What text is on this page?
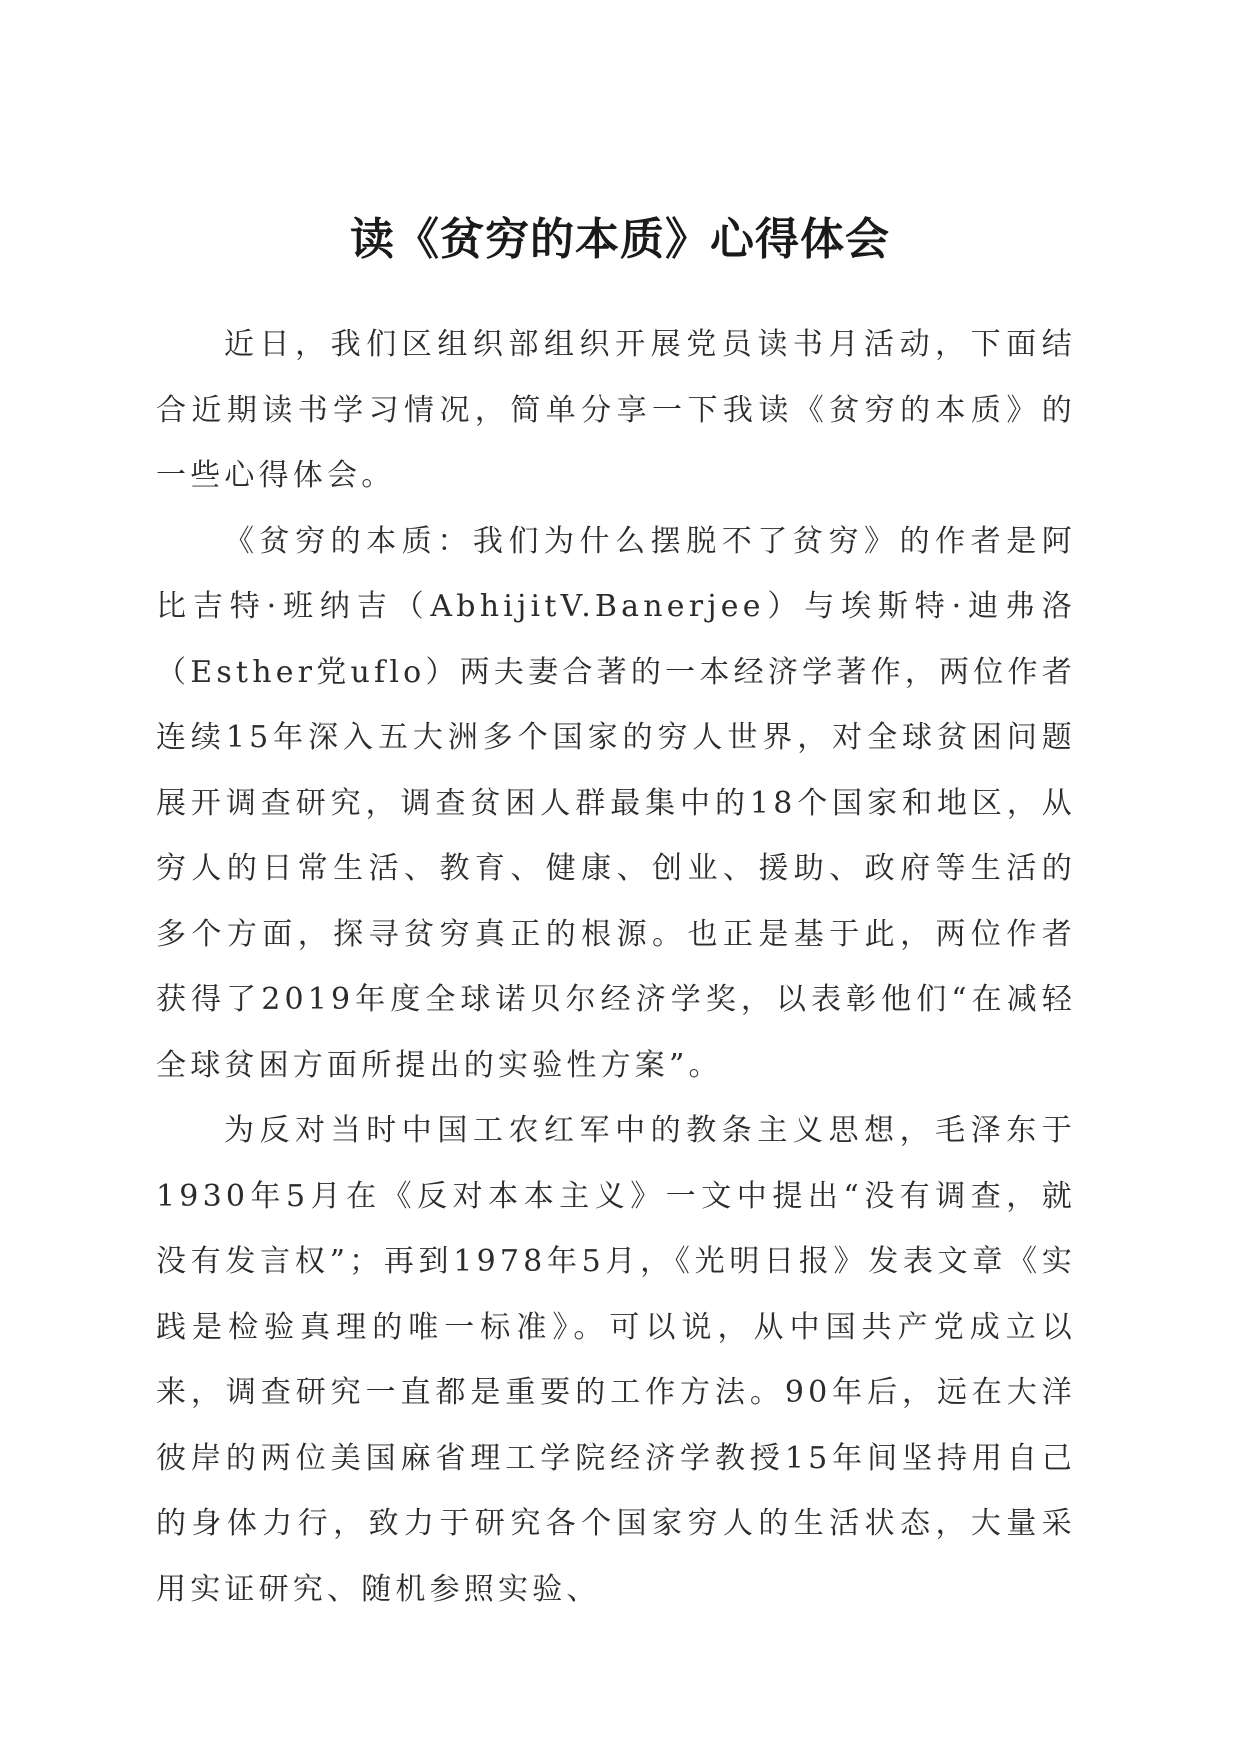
读《贫穷的本质》心得体会

近日，我们区组织部组织开展党员读书月活动，下面结合近期读书学习情况，简单分享一下我读《贫穷的本质》的一些心得体会。

《贫穷的本质：我们为什么摆脱不了贫穷》的作者是阿比吉特·班纳吉（AbhijitV.Banerjee）与埃斯特·迪弗洛（Esther党uflo）两夫妻合著的一本经济学著作，两位作者连续15年深入五大洲多个国家的穷人世界，对全球贫困问题展开调查研究，调查贫困人群最集中的18个国家和地区，从穷人的日常生活、教育、健康、创业、援助、政府等生活的多个方面，探寻贫穷真正的根源。也正是基于此，两位作者获得了2019年度全球诺贝尔经济学奖，以表彰他们“在减轻全球贫困方面所提出的实验性方案”。

为反对当时中国工农红军中的教条主义思想，毛泽东于1930年5月在《反对本本主义》一文中提出“没有调查，就没有发言权”；再到1978年5月，《光明日报》发表文章《实践是检验真理的唯一标准》。可以说，从中国共产党成立以来，调查研究一直都是重要的工作方法。90年后，远在大洋彼岸的两位美国麻省理工学院经济学教授15年间坚持用自己的身体力行，致力于研究各个国家穷人的生活状态，大量采用实证研究、随机参照实验、
